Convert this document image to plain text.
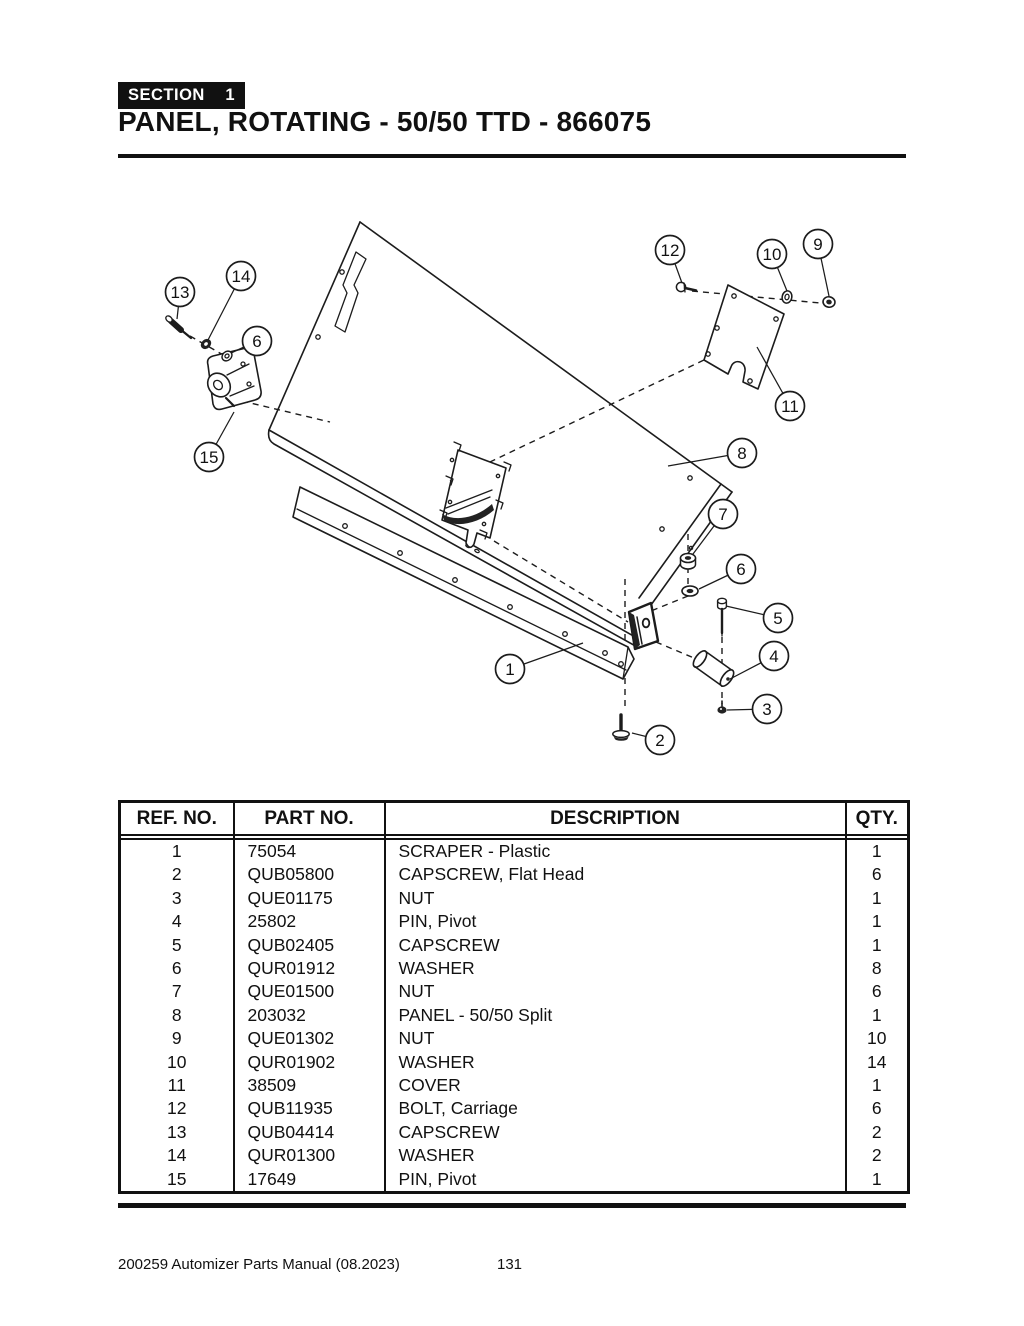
SECTION 1
PANEL, ROTATING - 50/50 TTD - 866075
1
2
3
4
5
6
7
8
9
10
11
12
13
14
6
15
REF. NO.	PART NO.	DESCRIPTION	QTY.

1	75054	SCRAPER - Plastic	1
2	QUB05800	CAPSCREW, Flat Head	6
3	QUE01175	NUT	1
4	25802	PIN, Pivot	1
5	QUB02405	CAPSCREW	1
6	QUR01912	WASHER	8
7	QUE01500	NUT	6
8	203032	PANEL - 50/50 Split	1
9	QUE01302	NUT	10
10	QUR01902	WASHER	14
11	38509	COVER	1
12	QUB11935	BOLT, Carriage	6
13	QUB04414	CAPSCREW	2
14	QUR01300	WASHER	2
15	17649	PIN, Pivot	1
200259 Automizer Parts Manual (08.2023)	131
